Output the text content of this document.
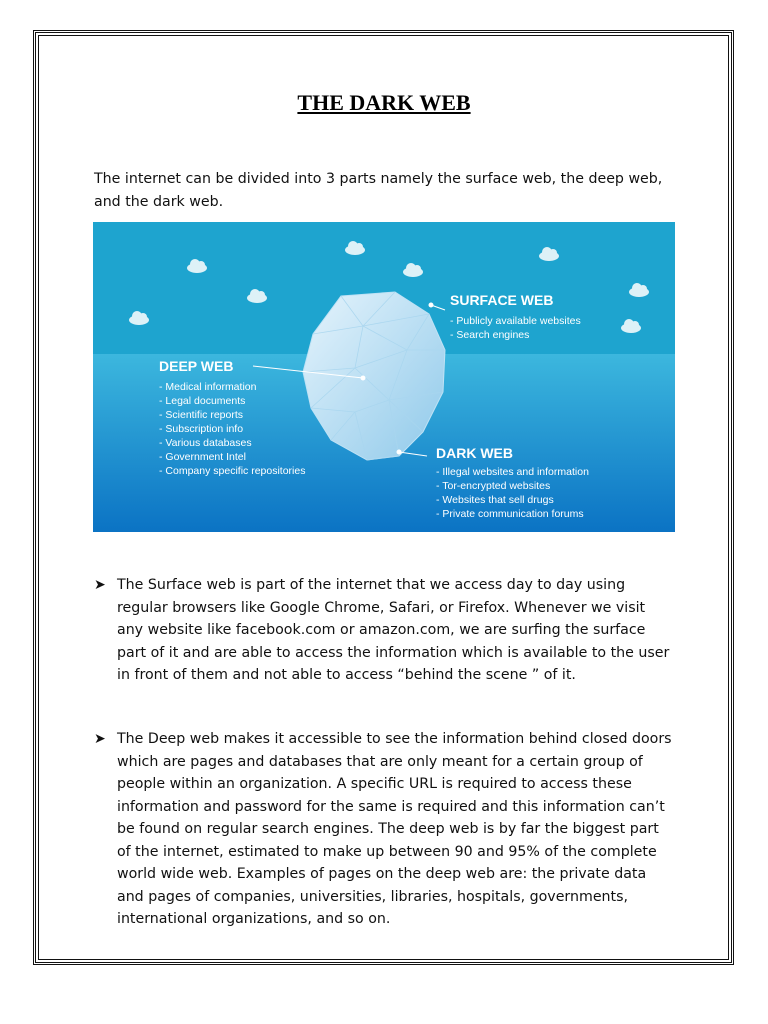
THE DARK WEB
The internet can be divided into 3 parts namely the surface web, the deep web, and the dark web.
SURFACE WEB
- Publicly available websites
- Search engines
DEEP WEB
- Medical information
- Legal documents
- Scientific reports
- Subscription info
- Various databases
- Government Intel
- Company specific repositories
DARK WEB
- Illegal websites and information
- Tor-encrypted websites
- Websites that sell drugs
- Private communication forums
➤ The Surface web is part of the internet that we access day to day using regular browsers like Google Chrome, Safari, or Firefox. Whenever we visit any website like facebook.com or amazon.com, we are surfing the surface part of it and are able to access the information which is available to the user in front of them and not able to access “behind the scene ” of it.
➤ The Deep web makes it accessible to see the information behind closed doors which are pages and databases that are only meant for a certain group of people within an organization. A specific URL is required to access these information and password for the same is required and this information can’t be found on regular search engines. The deep web is by far the biggest part of the internet, estimated to make up between 90 and 95% of the complete world wide web. Examples of pages on the deep web are: the private data and pages of companies, universities, libraries, hospitals, governments, international organizations, and so on.
